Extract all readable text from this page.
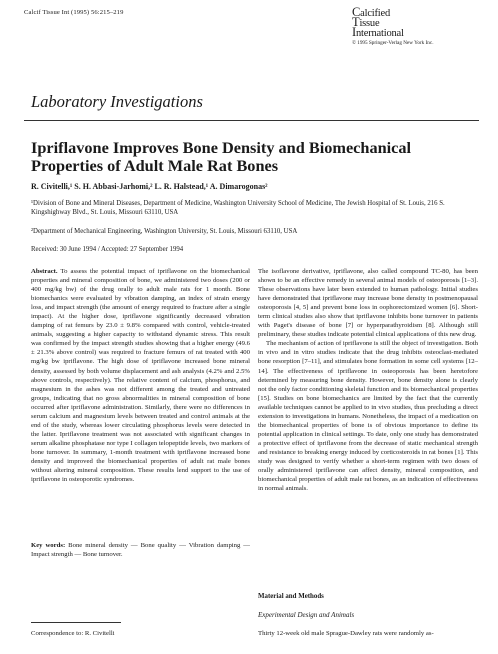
Calcif Tissue Int (1995) 56:215–219	Calcified
Tissue
International
© 1995 Springer-Verlag New York Inc.
Laboratory Investigations
Ipriflavone Improves Bone Density and Biomechanical Properties of Adult Male Rat Bones
R. Civitelli,¹ S. H. Abbasi-Jarhomi,² L. R. Halstead,¹ A. Dimarogonas²
¹Division of Bone and Mineral Diseases, Department of Medicine, Washington University School of Medicine, The Jewish Hospital of St. Louis, 216 S. Kingshighway Blvd., St. Louis, Missouri 63110, USA
²Department of Mechanical Engineering, Washington University, St. Louis, Missouri 63110, USA
Received: 30 June 1994 / Accepted: 27 September 1994
Abstract. To assess the potential impact of ipriflavone on the biomechanical properties and mineral composition of bone, we administered two doses (200 or 400 mg/kg bw) of the drug orally to adult male rats for 1 month. Bone biomechanics were evaluated by vibration damping, an index of strain energy loss, and impact strength (the amount of energy required to fracture after a single impact). At the higher dose, ipriflavone significantly decreased vibration damping of rat femurs by 23.0 ± 9.8% compared with control, vehicle-treated animals, suggesting a higher capacity to withstand dynamic stress. This result was confirmed by the impact strength studies showing that a higher energy (49.6 ± 21.3% above control) was required to fracture femurs of rat treated with 400 mg/kg bw ipriflavone. The high dose of ipriflavone increased bone mineral density, assessed by both volume displacement and ash analysis (4.2% and 2.5% above controls, respectively). The relative content of calcium, phosphorus, and magnesium in the ashes was not different among the treated and untreated groups, indicating that no gross abnormalities in mineral composition of bone occurred after ipriflavone administration. Similarly, there were no differences in serum calcium and magnesium levels between treated and control animals at the end of the study, whereas lower circulating phosphorus levels were detected in the latter. Ipriflavone treatment was not associated with significant changes in serum alkaline phosphatase nor type I collagen telopeptide levels, two markers of bone turnover. In summary, 1-month treatment with ipriflavone increased bone density and improved the biomechanical properties of adult rat male bones without altering mineral composition. These results lend support to the use of ipriflavone in osteoporotic syndromes.
Key words: Bone mineral density — Bone quality — Vibration damping — Impact strength — Bone turnover.

The isoflavone derivative, ipriflavone, also called compound TC-80, has been shown to be an effective remedy in several animal models of osteoporosis [1–3]. These observations have later been extended to human pathology. Initial studies have demonstrated that ipriflavone may increase bone density in postmenopausal osteoporosis [4, 5] and prevent bone loss in oophorectomized women [6]. Short-term clinical studies also show that ipriflavone inhibits bone turnover in patients with Paget's disease of bone [7] or hyperparathyroidism [8]. Although still preliminary, these studies indicate potential clinical applications of this new drug.

The mechanism of action of ipriflavone is still the object of investigation. Both in vivo and in vitro studies indicate that the drug inhibits osteoclast-mediated bone resorption [7–11], and stimulates bone formation in some cell systems [12–14]. The effectiveness of ipriflavone in osteoporosis has been heretofore determined by measuring bone density. However, bone density alone is clearly not the only factor conditioning skeletal function and its biomechanical properties [15]. Studies on bone biomechanics are limited by the fact that the currently available techniques cannot be applied to in vivo studies, thus precluding a direct extension to investigations in humans. Nonetheless, the impact of a medication on the biomechanical properties of bone is of obvious importance to define its potential application in clinical settings. To date, only one study has demonstrated a protective effect of ipriflavone from the decrease of static mechanical strength and resistance to breaking energy induced by corticosteroids in rat bones [1]. This study was designed to verify whether a short-term regimen with two doses of orally administered ipriflavone can affect density, mineral composition, and biomechanical properties of adult male rat bones, as an indication of effectiveness in normal animals.

Material and Methods
Experimental Design and Animals
Thirty 12-week old male Sprague-Dawley rats were randomly as-
Correspondence to: R. Civitelli
